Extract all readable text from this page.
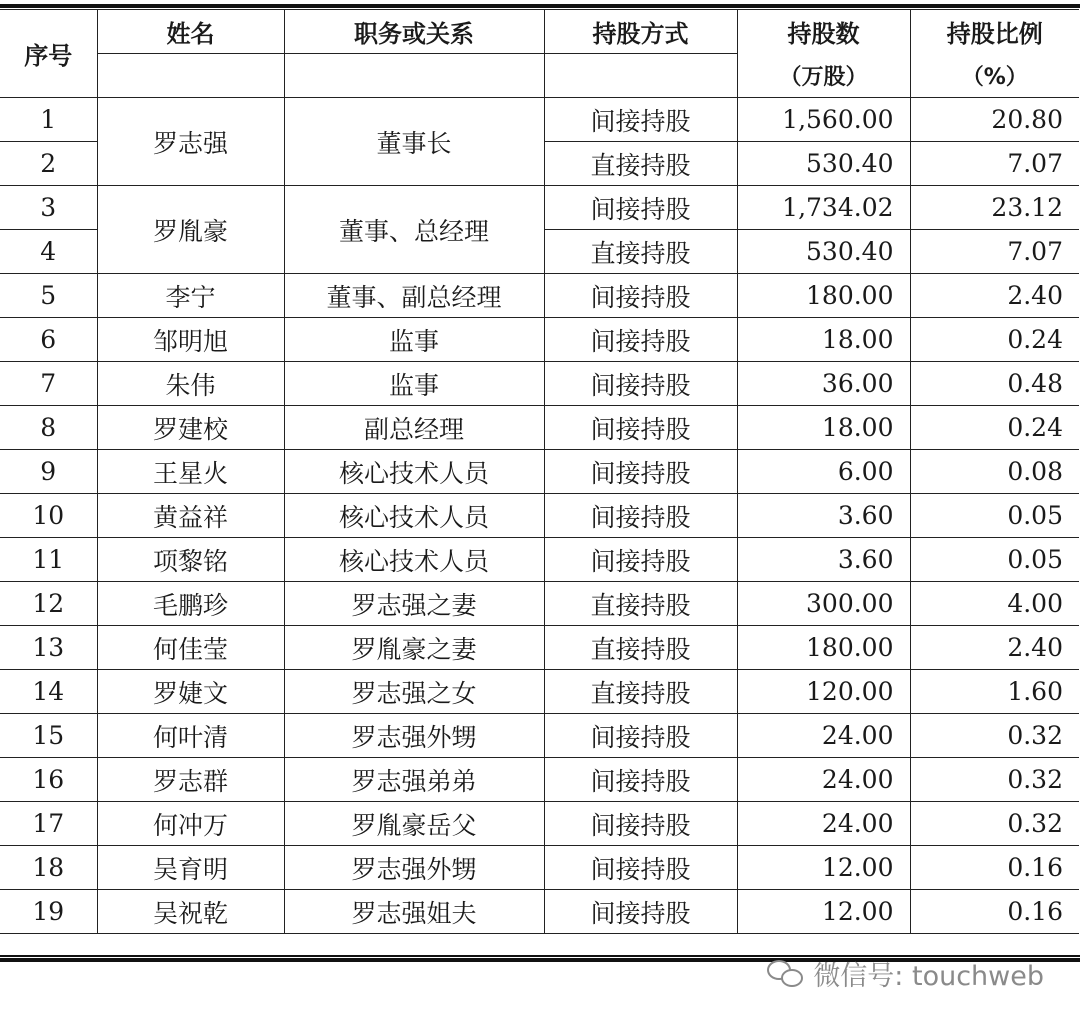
序号	姓名	职务或关系	持股方式	持股数	持股比例
				（万股）	（%）
1	罗志强	董事长	间接持股	1,560.00	20.80
2			直接持股	530.40	7.07
3	罗胤豪	董事、总经理	间接持股	1,734.02	23.12
4			直接持股	530.40	7.07
5	李宁	董事、副总经理	间接持股	180.00	2.40
6	邹明旭	监事	间接持股	18.00	0.24
7	朱伟	监事	间接持股	36.00	0.48
8	罗建校	副总经理	间接持股	18.00	0.24
9	王星火	核心技术人员	间接持股	6.00	0.08
10	黄益祥	核心技术人员	间接持股	3.60	0.05
11	项黎铭	核心技术人员	间接持股	3.60	0.05
12	毛鹏珍	罗志强之妻	直接持股	300.00	4.00
13	何佳莹	罗胤豪之妻	直接持股	180.00	2.40
14	罗婕文	罗志强之女	直接持股	120.00	1.60
15	何叶清	罗志强外甥	间接持股	24.00	0.32
16	罗志群	罗志强弟弟	间接持股	24.00	0.32
17	何冲万	罗胤豪岳父	间接持股	24.00	0.32
18	吴育明	罗志强外甥	间接持股	12.00	0.16
19	吴祝乾	罗志强姐夫	间接持股	12.00	0.16
微信号: touchweb
